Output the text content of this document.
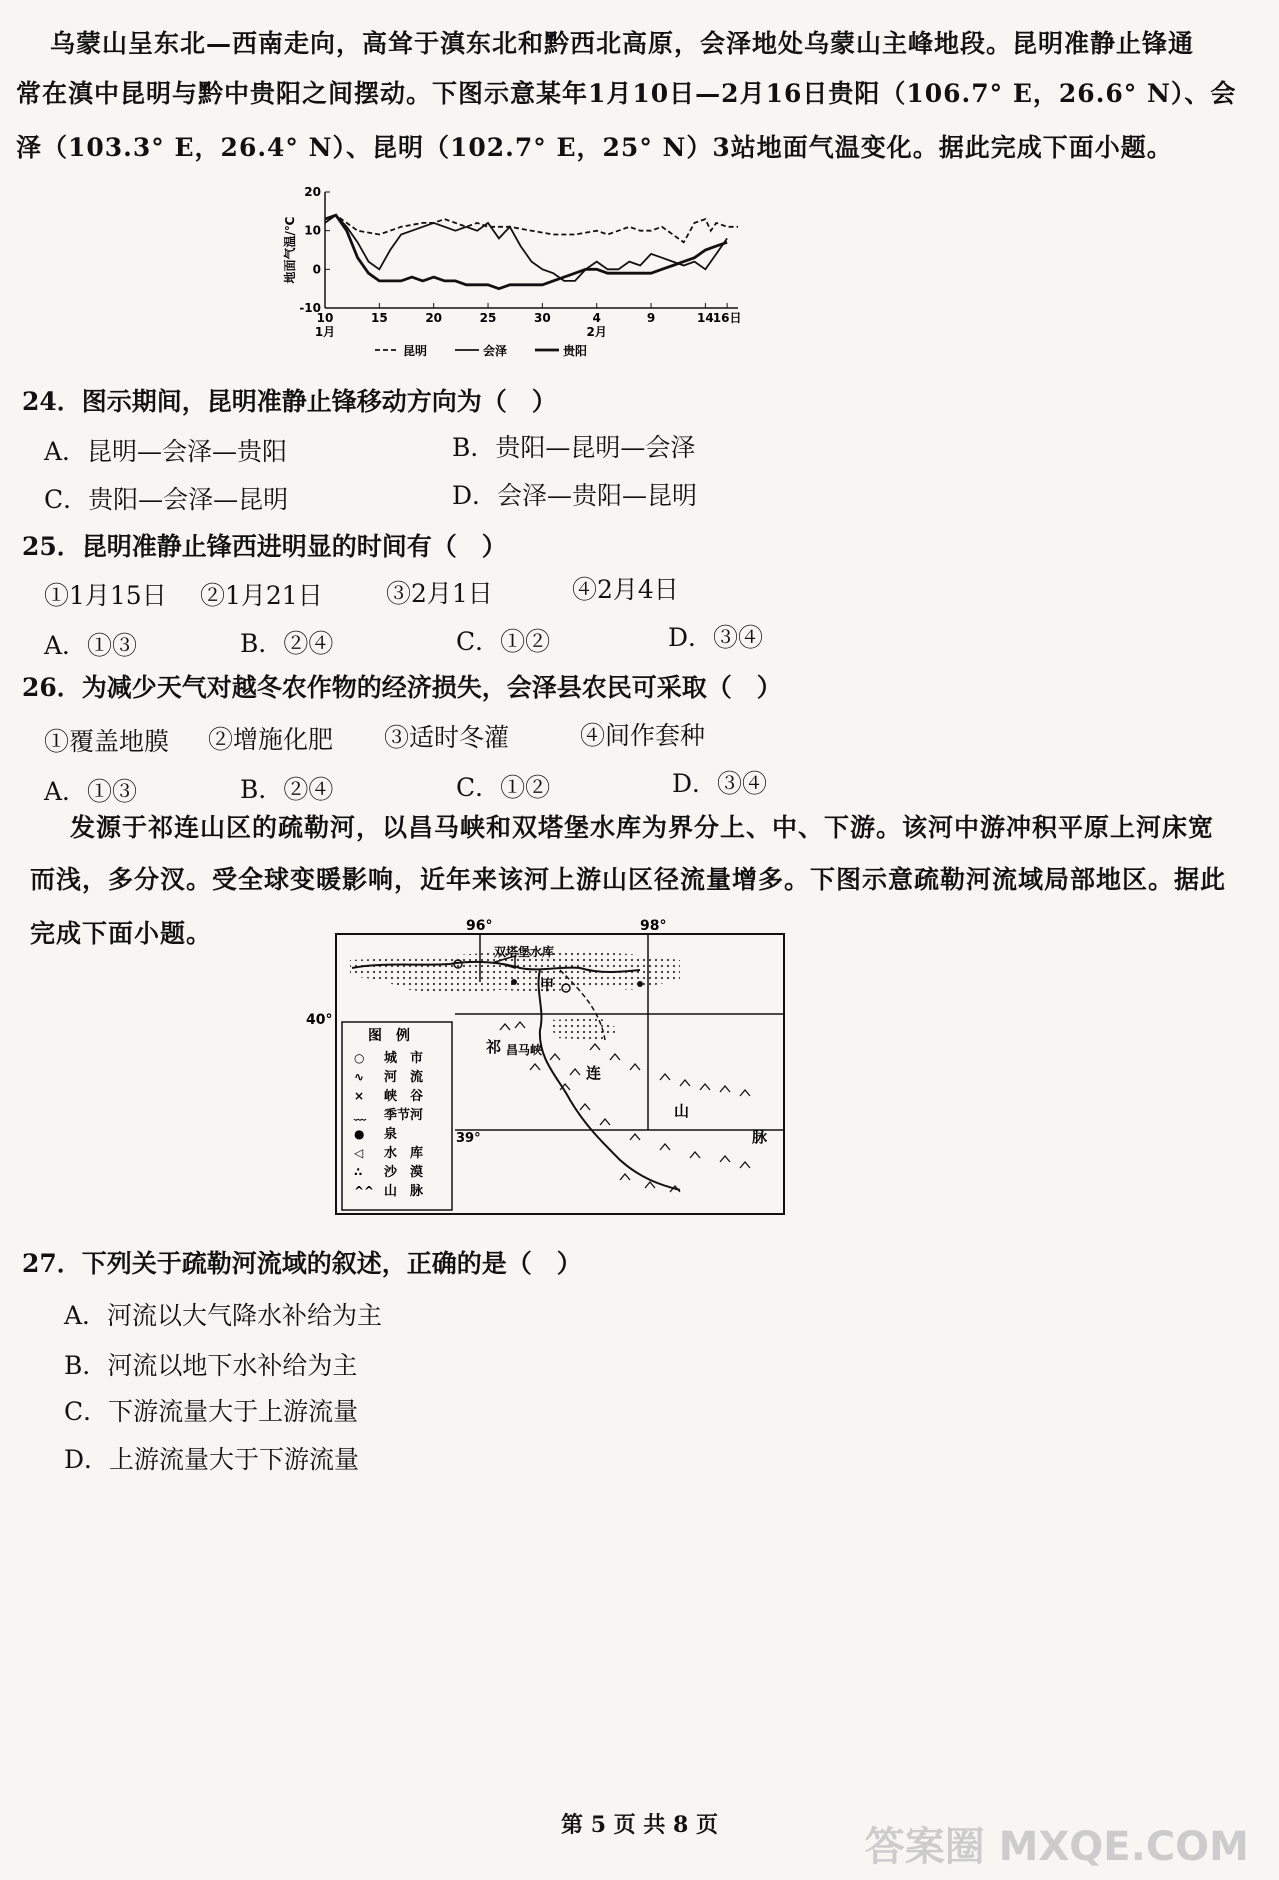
乌蒙山呈东北—西南走向，高耸于滇东北和黔西北高原，会泽地处乌蒙山主峰地段。昆明准静止锋通
常在滇中昆明与黔中贵阳之间摆动。下图示意某年1月10日—2月16日贵阳（106.7° E，26.6° N）、会
泽（103.3° E，26.4° N）、昆明（102.7° E，25° N）3站地面气温变化。据此完成下面小题。
20
10
0
-10
10	15	20	25	30	4	9	14 16日
1月	2月
地面气温/℃
昆明	会泽	贵阳
24．图示期间，昆明准静止锋移动方向为（　）
A．昆明—会泽—贵阳	B．贵阳—昆明—会泽
C．贵阳—会泽—昆明	D．会泽—贵阳—昆明
25．昆明准静止锋西进明显的时间有（　）
①1月15日 ②1月21日	③2月1日	④2月4日
A．①③	B．②④	C．①②	D．③④
26．为减少天气对越冬农作物的经济损失，会泽县农民可采取（　）
①覆盖地膜 ②增施化肥 ③适时冬灌	④间作套种
A．①③	B．②④	C．①②	D．③④
发源于祁连山区的疏勒河，以昌马峡和双塔堡水库为界分上、中、下游。该河中游冲积平原上河床宽
而浅，多分汊。受全球变暖影响，近年来该河上游山区径流量增多。下图示意疏勒河流域局部地区。据此
完成下面小题。	96°	98°
40°
39°
双塔堡水库
甲
昌马峡
祁
连
山
脉
图　例
城　市
○
河　流
∿
峡　谷
×
季节河
﹏
泉
●
水　库
◁
沙　漠
∴
山　脉
^^
27．下列关于疏勒河流域的叙述，正确的是（　）
A．河流以大气降水补给为主
B．河流以地下水补给为主
C．下游流量大于上游流量
D．上游流量大于下游流量
第 5 页 共 8 页	答案圈 MXQE.COM
